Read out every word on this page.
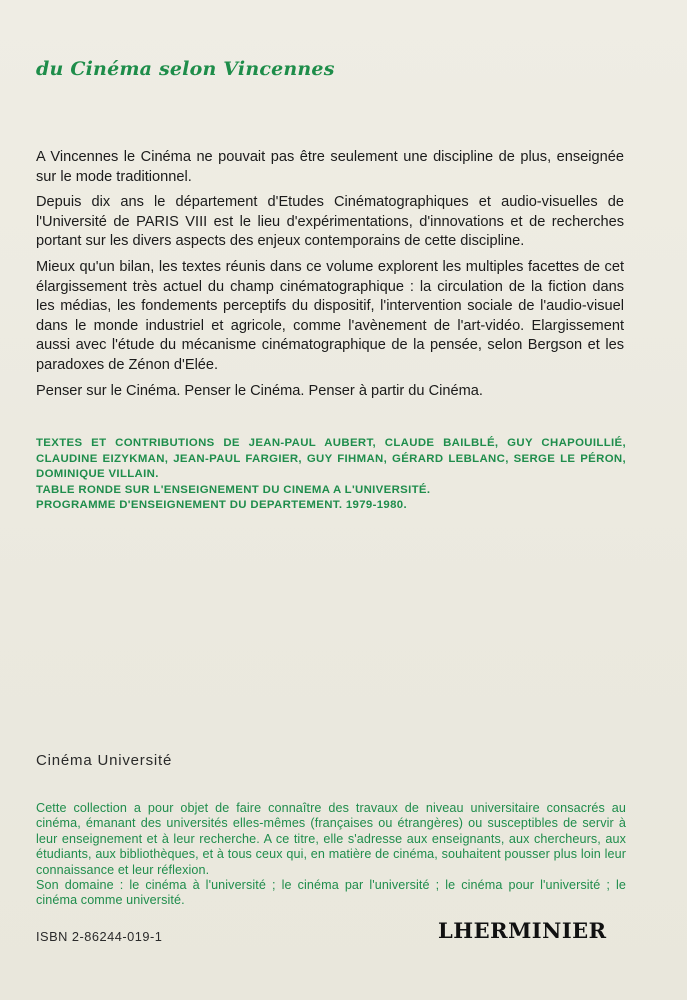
du Cinéma selon Vincennes

A Vincennes le Cinéma ne pouvait pas être seulement une discipline de plus, enseignée sur le mode traditionnel.

Depuis dix ans le département d'Etudes Cinématographiques et audio-visuelles de l'Université de PARIS VIII est le lieu d'expérimentations, d'innovations et de recherches portant sur les divers aspects des enjeux contemporains de cette discipline.

Mieux qu'un bilan, les textes réunis dans ce volume explorent les multiples facettes de cet élargissement très actuel du champ cinématographique : la circulation de la fiction dans les médias, les fondements perceptifs du dispositif, l'intervention sociale de l'audio-visuel dans le monde industriel et agricole, comme l'avènement de l'art-vidéo. Elargissement aussi avec l'étude du mécanisme cinématographique de la pensée, selon Bergson et les paradoxes de Zénon d'Elée.

Penser sur le Cinéma. Penser le Cinéma. Penser à partir du Cinéma.

TEXTES ET CONTRIBUTIONS DE JEAN-PAUL AUBERT, CLAUDE BAILBLÉ, GUY CHAPOUILLIÉ, CLAUDINE EIZYKMAN, JEAN-PAUL FARGIER, GUY FIHMAN, GÉRARD LEBLANC, SERGE LE PÉRON, DOMINIQUE VILLAIN.
TABLE RONDE SUR L'ENSEIGNEMENT DU CINEMA A L'UNIVERSITÉ.
PROGRAMME D'ENSEIGNEMENT DU DEPARTEMENT. 1979-1980.
Cinéma Université

Cette collection a pour objet de faire connaître des travaux de niveau universitaire consacrés au cinéma, émanant des universités elles-mêmes (françaises ou étrangères) ou susceptibles de servir à leur enseignement et à leur recherche. A ce titre, elle s'adresse aux enseignants, aux chercheurs, aux étudiants, aux bibliothèques, et à tous ceux qui, en matière de cinéma, souhaitent pousser plus loin leur connaissance et leur réflexion.

Son domaine : le cinéma à l'université ; le cinéma par l'université ; le cinéma pour l'université ; le cinéma comme université.

ISBN 2-86244-019-1	LHERMINIER
